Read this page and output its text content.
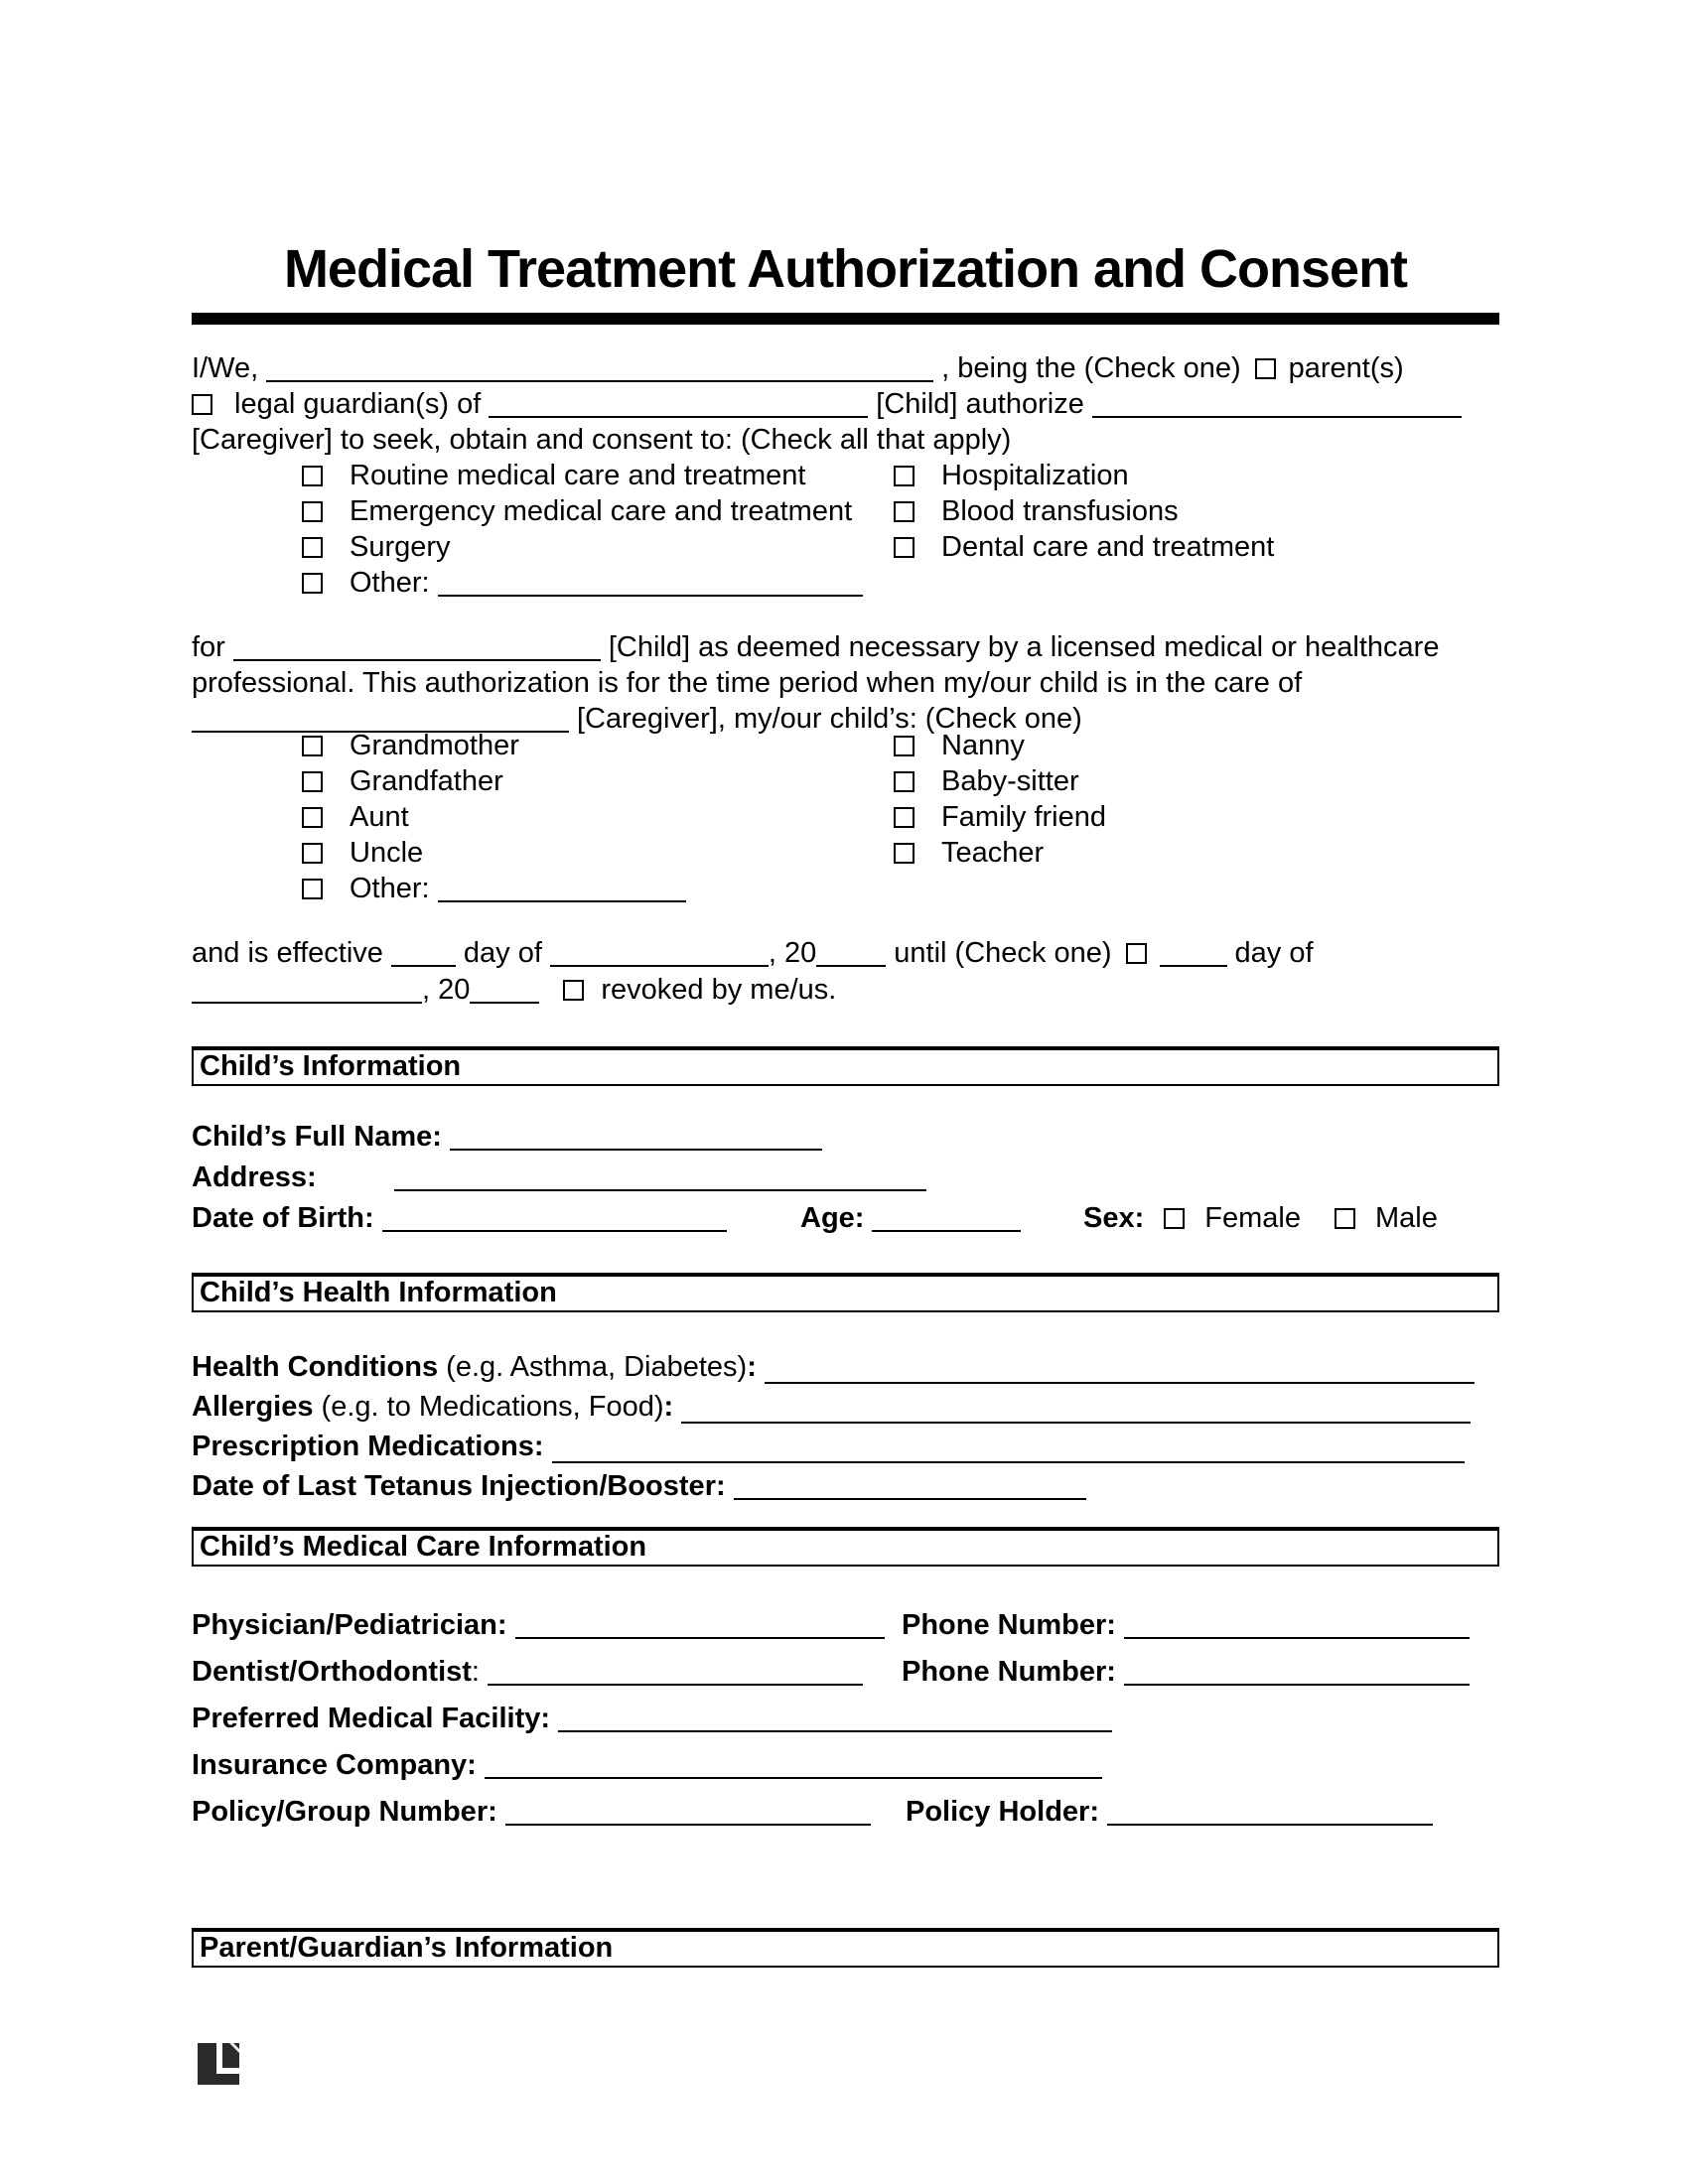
Medical Treatment Authorization and Consent
I/We,	, being the (Check one) parent(s)
legal guardian(s) of	[Child] authorize
[Caregiver] to seek, obtain and consent to: (Check all that apply)
Routine medical care and treatment	Hospitalization
Emergency medical care and treatment	Blood transfusions
Surgery	Dental care and treatment
Other:
for	[Child] as deemed necessary by a licensed medical or healthcare
professional. This authorization is for the time period when my/our child is in the care of
[Caregiver], my/our child’s: (Check one)
Grandmother	Nanny
Grandfather	Baby-sitter
Aunt	Family friend
Uncle	Teacher
Other:
and is effective	day of	, 20	until (Check one)	day of
, 20	revoked by me/us.
Child’s Information
Child’s Full Name:
Address:
Date of Birth:	Age:	Sex: Female	Male
Child’s Health Information
Health Conditions (e.g. Asthma, Diabetes) :
Allergies (e.g. to Medications, Food) :
Prescription Medications:
Date of Last Tetanus Injection/Booster:
Child’s Medical Care Information
Physician/Pediatrician:	Phone Number:
Dentist/Orthodontist:	Phone Number:
Preferred Medical Facility:
Insurance Company:
Policy/Group Number:	Policy Holder:
Parent/Guardian’s Information
